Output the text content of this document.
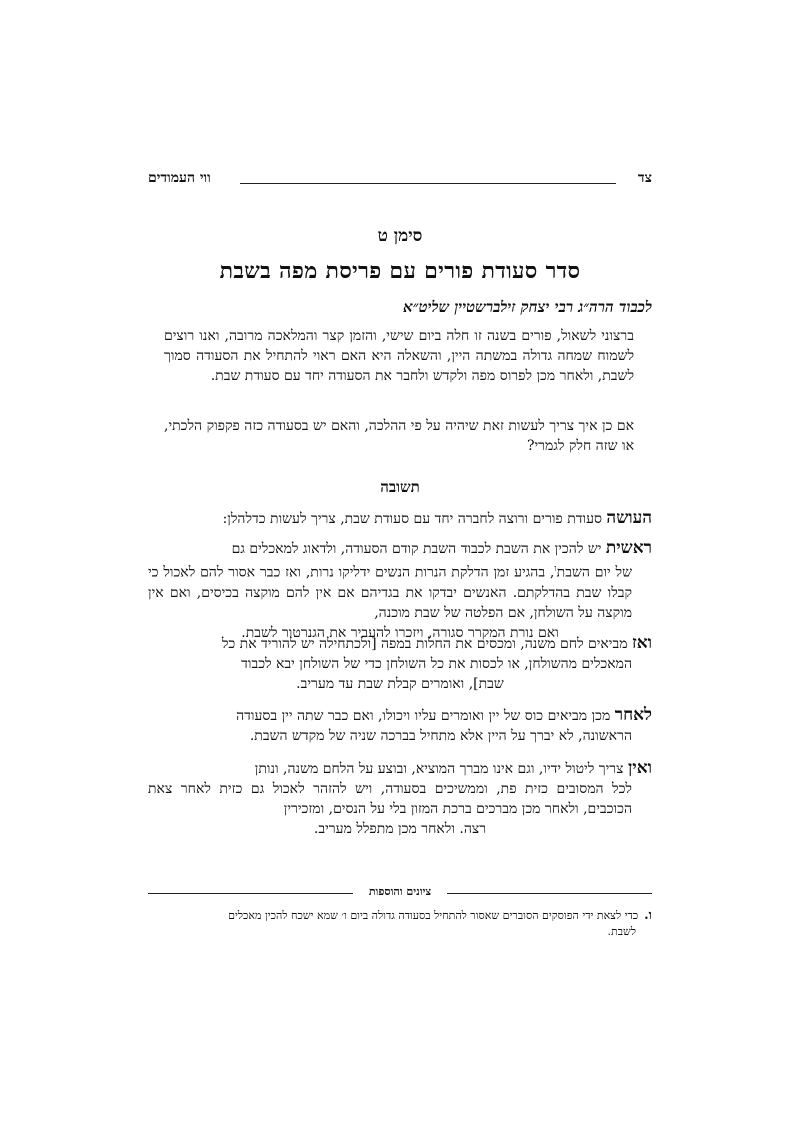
צד
ווי העמודים
סימן ט
סדר סעודת פורים עם פריסת מפה בשבת
לכבוד הרה״ג רבי יצחק זילברשטיין שליט״א
ברצוני לשאול, פורים בשנה זו חלה ביום שישי, והזמן קצר והמלאכה מרובה, ואנו רוצים לשמוח שמחה גדולה במשתה היין, והשאלה היא האם ראוי להתחיל את הסעודה סמוך לשבת, ולאחר מכן לפרוס מפה ולקדש ולחבר את הסעודה יחד עם סעודת שבת.
אם כן איך צריך לעשות זאת שיהיה על פי ההלכה, והאם יש בסעודה כזה פקפוק הלכתי, או שזה חלק לגמרי?
תשובה
העושה סעודת פורים ורוצה לחברה יחד עם סעודת שבת, צריך לעשות כדלהלן:
ראשית יש להכין את השבת לכבוד השבת קודם הסעודה, ולדאוג למאכלים גם
של יום השבת$^ו$, בהגיע זמן הדלקת הנרות הנשים ידליקו נרות, ואז כבר אסור להם לאכול כי קבלו שבת בהדלקתם. האנשים יבדקו את בגדיהם אם אין להם מוקצה בכיסים, ואם אין מוקצה על השולחן, אם הפלטה של שבת מוכנה,
ואם נורת המקרר סגורה, ויזכרו להעביר את הגנרטור לשבת.
ואז מביאים לחם משנה, ומכסים את החלות במפה [ולכתחילה יש להוריד את כל
המאכלים מהשולחן, או לכסות את כל השולחן כדי של השולחן יבא לכבוד
שבת], ואומרים קבלת שבת עד מעריב.
לאחר מכן מביאים כוס של יין ואומרים עליו ויכולו, ואם כבר שתה יין בסעודה
הראשונה, לא יברך על היין אלא מתחיל בברכה שניה של מקדש השבת.
ואין צריך ליטול ידיו, וגם אינו מברך המוציא, ובוצע על הלחם משנה, ונותן
לכל המסובים כזית פת, וממשיכים בסעודה, ויש להזהר לאכול גם כזית לאחר צאת הכוכבים, ולאחר מכן מברכים ברכת המזון בלי על הנסים, ומזכירין
רצה. ולאחר מכן מתפלל מעריב.
ציונים והוספות
ו.כדי לצאת ידי הפוסקים הסוברים שאסור להתחיל בסעודה גדולה ביום ו׳ שמא ישכח להכין מאכלים
לשבת.
